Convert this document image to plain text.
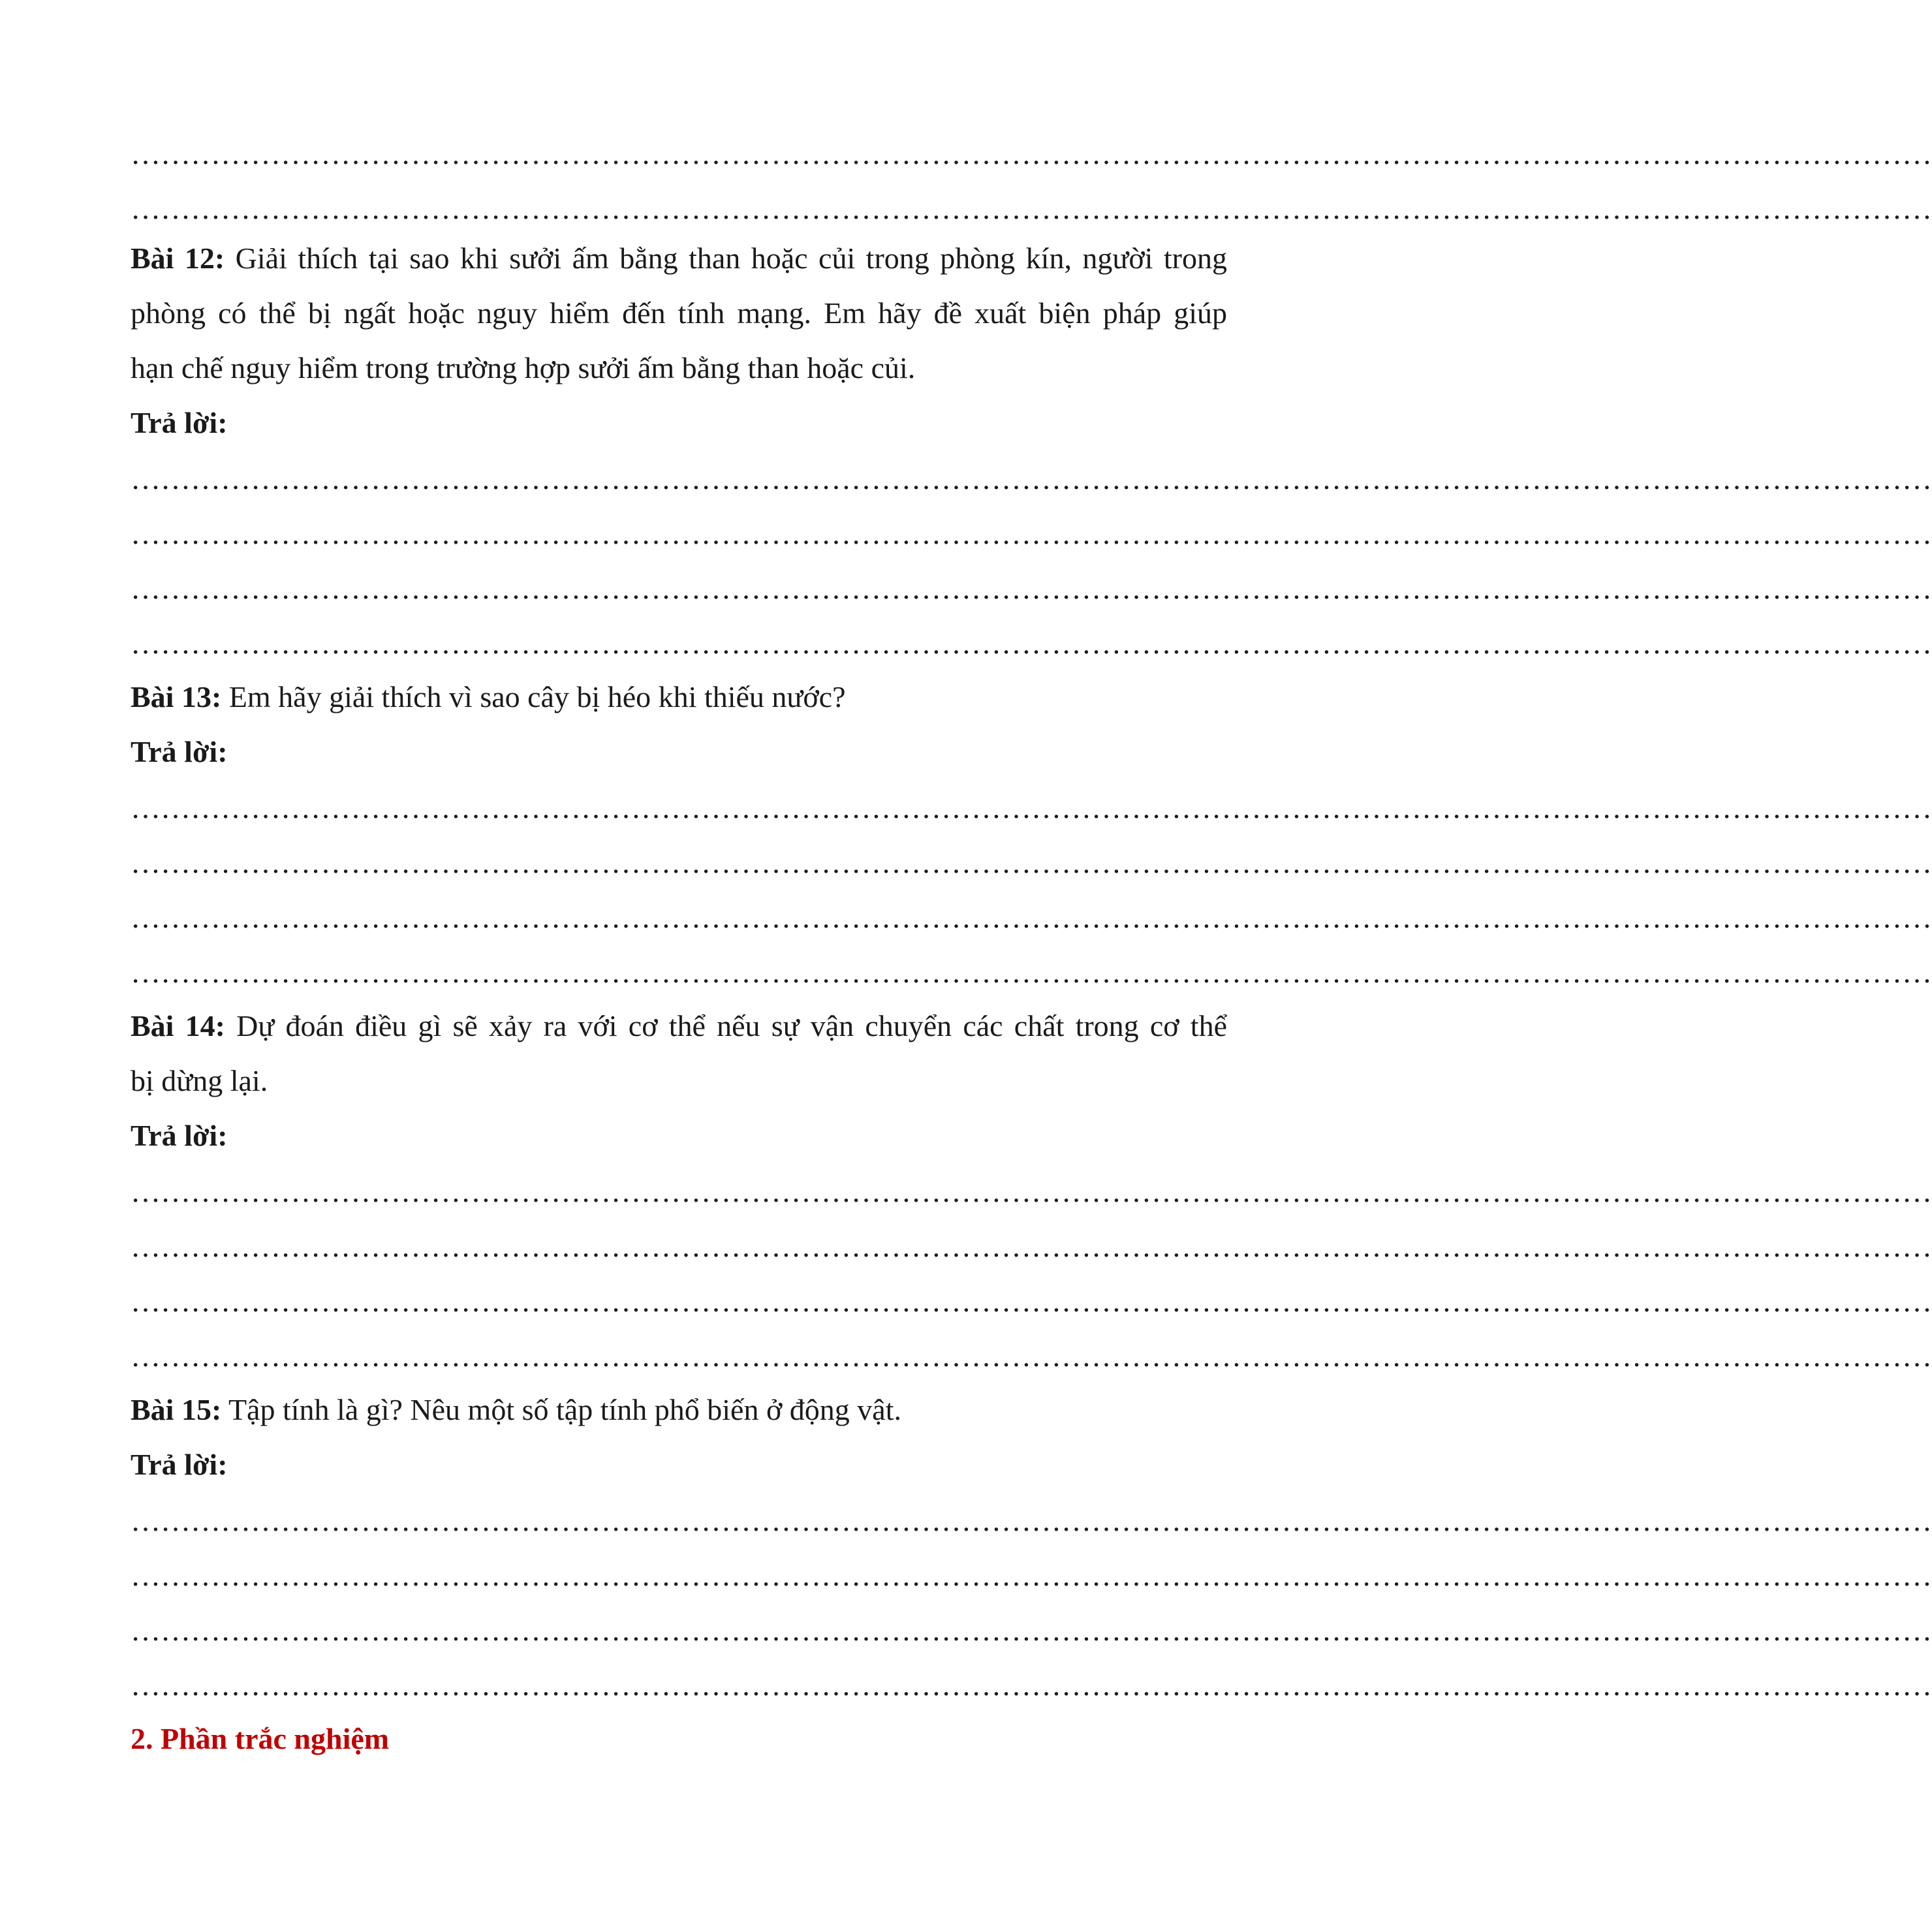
………………………………………………………………………………………………………………………………………………………………
………………………………………………………………………………………………………………………………………………………………
Bài 12: Giải thích tại sao khi sưởi ấm bằng than hoặc củi trong phòng kín, người trong
phòng có thể bị ngất hoặc nguy hiểm đến tính mạng. Em hãy đề xuất biện pháp giúp
hạn chế nguy hiểm trong trường hợp sưởi ấm bằng than hoặc củi.
Trả lời:
………………………………………………………………………………………………………………………………………………………………
………………………………………………………………………………………………………………………………………………………………
………………………………………………………………………………………………………………………………………………………………
………………………………………………………………………………………………………………………………………………………………
Bài 13: Em hãy giải thích vì sao cây bị héo khi thiếu nước?
Trả lời:
………………………………………………………………………………………………………………………………………………………………
………………………………………………………………………………………………………………………………………………………………
………………………………………………………………………………………………………………………………………………………………
………………………………………………………………………………………………………………………………………………………………
Bài 14: Dự đoán điều gì sẽ xảy ra với cơ thể nếu sự vận chuyển các chất trong cơ thể
bị dừng lại.
Trả lời:
………………………………………………………………………………………………………………………………………………………………
………………………………………………………………………………………………………………………………………………………………
………………………………………………………………………………………………………………………………………………………………
………………………………………………………………………………………………………………………………………………………………
Bài 15: Tập tính là gì? Nêu một số tập tính phổ biến ở động vật.
Trả lời:
………………………………………………………………………………………………………………………………………………………………
………………………………………………………………………………………………………………………………………………………………
………………………………………………………………………………………………………………………………………………………………
………………………………………………………………………………………………………………………………………………………………
2. Phần trắc nghiệm
